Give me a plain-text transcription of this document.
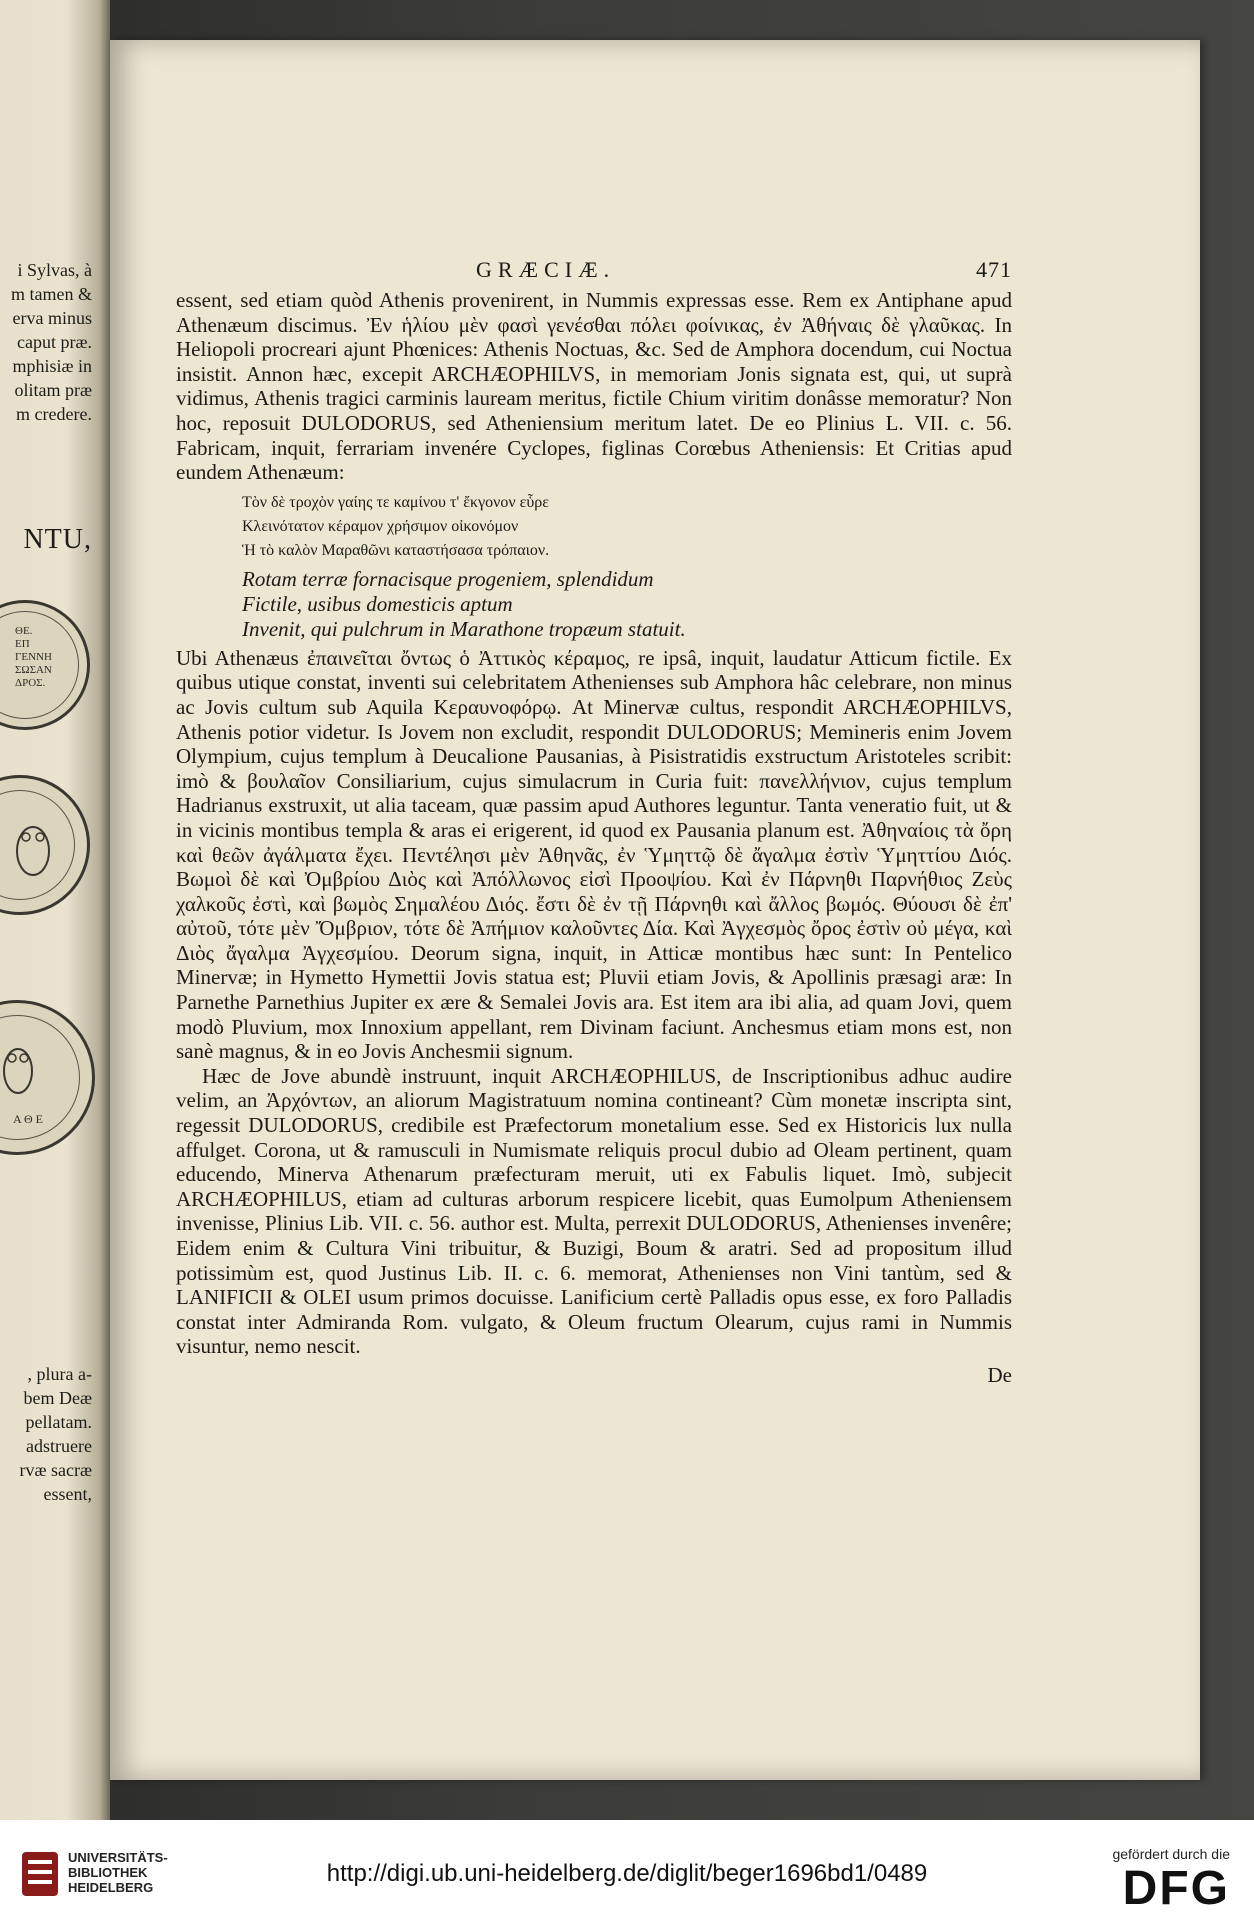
i Sylvas, à
m tamen &
erva minus
caput præ.
mphisiæ in
olitam præ
m credere.
NTU,
ΘΕ.
ΕΠ
ΓΕΝΝΗ
ΣΩΣΑΝ
ΔΡΟΣ.
Α Θ Ε
, plura a-
bem Deæ
pellatam.
adstruere
rvæ sacræ
essent,
GRÆCIÆ.	471

essent, sed etiam quòd Athenis provenirent, in Nummis expressas esse. Rem ex Antiphane apud Athenæum discimus. Ἐν ἡλίου μὲν φασὶ γενέσθαι πόλει φοίνικας, ἐν Ἀθήναις δὲ γλαῦκας. In Heliopoli procreari ajunt Phœnices: Athenis Noctuas, &c. Sed de Amphora docendum, cui Noctua insistit. Annon hæc, excepit ARCHÆOPHILVS, in memoriam Jonis signata est, qui, ut suprà vidimus, Athenis tragici carminis lauream meritus, fictile Chium viritim donâsse memoratur? Non hoc, reposuit DULODORUS, sed Atheniensium meritum latet. De eo Plinius L. VII. c. 56. Fabricam, inquit, ferrariam invenére Cyclopes, figlinas Corœbus Atheniensis: Et Critias apud eundem Athenæum:

Τὸν δὲ τροχὸν γαίης τε καμίνου τ' ἔκγονον εὗρε
Κλεινότατον κέραμον χρήσιμον οἰκονόμον
Ἡ τὸ καλὸν Μαραθῶνι καταστήσασα τρόπαιον.
Rotam terræ fornacisque progeniem, splendidum
Fictile, usibus domesticis aptum
Invenit, qui pulchrum in Marathone tropæum statuit.

Ubi Athenæus ἐπαινεῖται ὄντως ὁ Ἀττικὸς κέραμος, re ipsâ, inquit, laudatur Atticum fictile. Ex quibus utique constat, inventi sui celebritatem Athenienses sub Amphora hâc celebrare, non minus ac Jovis cultum sub Aquila Κεραυνοφόρῳ. At Minervæ cultus, respondit ARCHÆOPHILVS, Athenis potior videtur. Is Jovem non excludit, respondit DULODORUS; Memineris enim Jovem Olympium, cujus templum à Deucalione Pausanias, à Pisistratidis exstructum Aristoteles scribit: imò & βουλαῖον Consiliarium, cujus simulacrum in Curia fuit: πανελλήνιον, cujus templum Hadrianus exstruxit, ut alia taceam, quæ passim apud Authores leguntur. Tanta veneratio fuit, ut & in vicinis montibus templa & aras ei erigerent, id quod ex Pausania planum est. Ἀθηναίοις τὰ ὄρη καὶ θεῶν ἀγάλματα ἔχει. Πεντέλησι μὲν Ἀθηνᾶς, ἐν Ὑμηττῷ δὲ ἄγαλμα ἐστὶν Ὑμηττίου Διός. Βωμοὶ δὲ καὶ Ὀμβρίου Διὸς καὶ Ἀπόλλωνος εἰσὶ Προοψίου. Καὶ ἐν Πάρνηθι Παρνήθιος Ζεὺς χαλκοῦς ἐστὶ, καὶ βωμὸς Σημαλέου Διός. ἔστι δὲ ἐν τῇ Πάρνηθι καὶ ἄλλος βωμός. Θύουσι δὲ ἐπ' αὐτοῦ, τότε μὲν Ὄμβριον, τότε δὲ Ἀπήμιον καλοῦντες Δία. Καὶ Ἀγχεσμὸς ὄρος ἐστὶν οὐ μέγα, καὶ Διὸς ἄγαλμα Ἀγχεσμίου. Deorum signa, inquit, in Atticæ montibus hæc sunt: In Pentelico Minervæ; in Hymetto Hymettii Jovis statua est; Pluvii etiam Jovis, & Apollinis præsagi aræ: In Parnethe Parnethius Jupiter ex ære & Semalei Jovis ara. Est item ara ibi alia, ad quam Jovi, quem modò Pluvium, mox Innoxium appellant, rem Divinam faciunt. Anchesmus etiam mons est, non sanè magnus, & in eo Jovis Anchesmii signum.

Hæc de Jove abundè instruunt, inquit ARCHÆOPHILUS, de Inscriptionibus adhuc audire velim, an Ἀρχόντων, an aliorum Magistratuum nomina contineant? Cùm monetæ inscripta sint, regessit DULODORUS, credibile est Præfectorum monetalium esse. Sed ex Historicis lux nulla affulget. Corona, ut & ramusculi in Numismate reliquis procul dubio ad Oleam pertinent, quam educendo, Minerva Athenarum præfecturam meruit, uti ex Fabulis liquet. Imò, subjecit ARCHÆOPHILUS, etiam ad culturas arborum respicere licebit, quas Eumolpum Atheniensem invenisse, Plinius Lib. VII. c. 56. author est. Multa, perrexit DULODORUS, Athenienses invenêre; Eidem enim & Cultura Vini tribuitur, & Buzigi, Boum & aratri. Sed ad propositum illud potissimùm est, quod Justinus Lib. II. c. 6. memorat, Athenienses non Vini tantùm, sed & LANIFICII & OLEI usum primos docuisse. Lanificium certè Palladis opus esse, ex foro Palladis constat inter Admiranda Rom. vulgato, & Oleum fructum Olearum, cujus rami in Nummis visuntur, nemo nescit.

De
UNIVERSITÄTS-
BIBLIOTHEK
HEIDELBERG
http://digi.ub.uni-heidelberg.de/diglit/beger1696bd1/0489
gefördert durch die
DFG
